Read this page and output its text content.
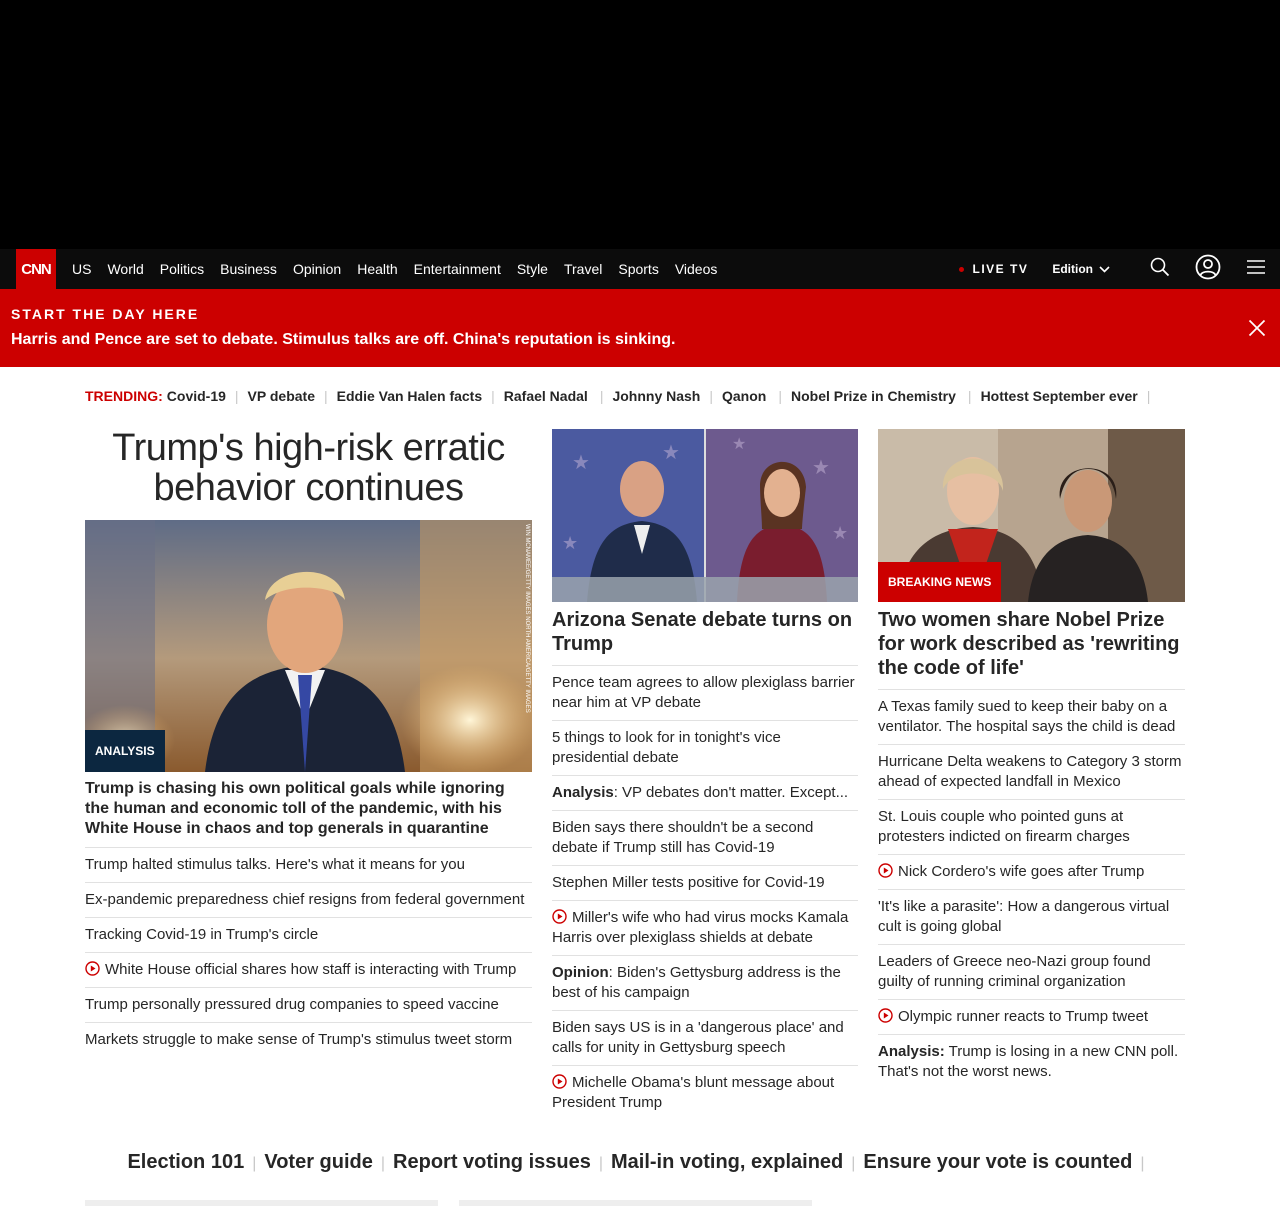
CNN	US	World	Politics	Business	Opinion	Health	Entertainment	Style	Travel	Sports	Videos	LIVE TV Edition
START THE DAY HERE
Harris and Pence are set to debate. Stimulus talks are off. China's reputation is sinking.
TRENDING: Covid-19 | VP debate | Eddie Van Halen facts | Rafael Nadal | Johnny Nash | Qanon | Nobel Prize in Chemistry | Hottest September ever |
Trump's high-risk erratic behavior continues
WIN MCNAMEE/GETTY IMAGES NORTH AMERICA/GETTY IMAGES
ANALYSIS
Trump is chasing his own political goals while ignoring the human and economic toll of the pandemic, with his White House in chaos and top generals in quarantine
Trump halted stimulus talks. Here's what it means for you
Ex-pandemic preparedness chief resigns from federal government
Tracking Covid-19 in Trump's circle
White House official shares how staff is interacting with Trump
Trump personally pressured drug companies to speed vaccine
Markets struggle to make sense of Trump's stimulus tweet storm
★	★
★
★
★
★
Arizona Senate debate turns on Trump
Pence team agrees to allow plexiglass barrier near him at VP debate
5 things to look for in tonight's vice presidential debate
Analysis: VP debates don't matter. Except...
Biden says there shouldn't be a second debate if Trump still has Covid-19
Stephen Miller tests positive for Covid-19
Miller's wife who had virus mocks Kamala Harris over plexiglass shields at debate
Opinion: Biden's Gettysburg address is the best of his campaign
Biden says US is in a 'dangerous place' and calls for unity in Gettysburg speech
Michelle Obama's blunt message about President Trump
BREAKING NEWS
Two women share Nobel Prize for work described as 'rewriting the code of life'
A Texas family sued to keep their baby on a ventilator. The hospital says the child is dead
Hurricane Delta weakens to Category 3 storm ahead of expected landfall in Mexico
St. Louis couple who pointed guns at protesters indicted on firearm charges
Nick Cordero's wife goes after Trump
'It's like a parasite': How a dangerous virtual cult is going global
Leaders of Greece neo-Nazi group found guilty of running criminal organization
Olympic runner reacts to Trump tweet
Analysis: Trump is losing in a new CNN poll. That's not the worst news.
Election 101 | Voter guide | Report voting issues | Mail-in voting, explained | Ensure your vote is counted |
